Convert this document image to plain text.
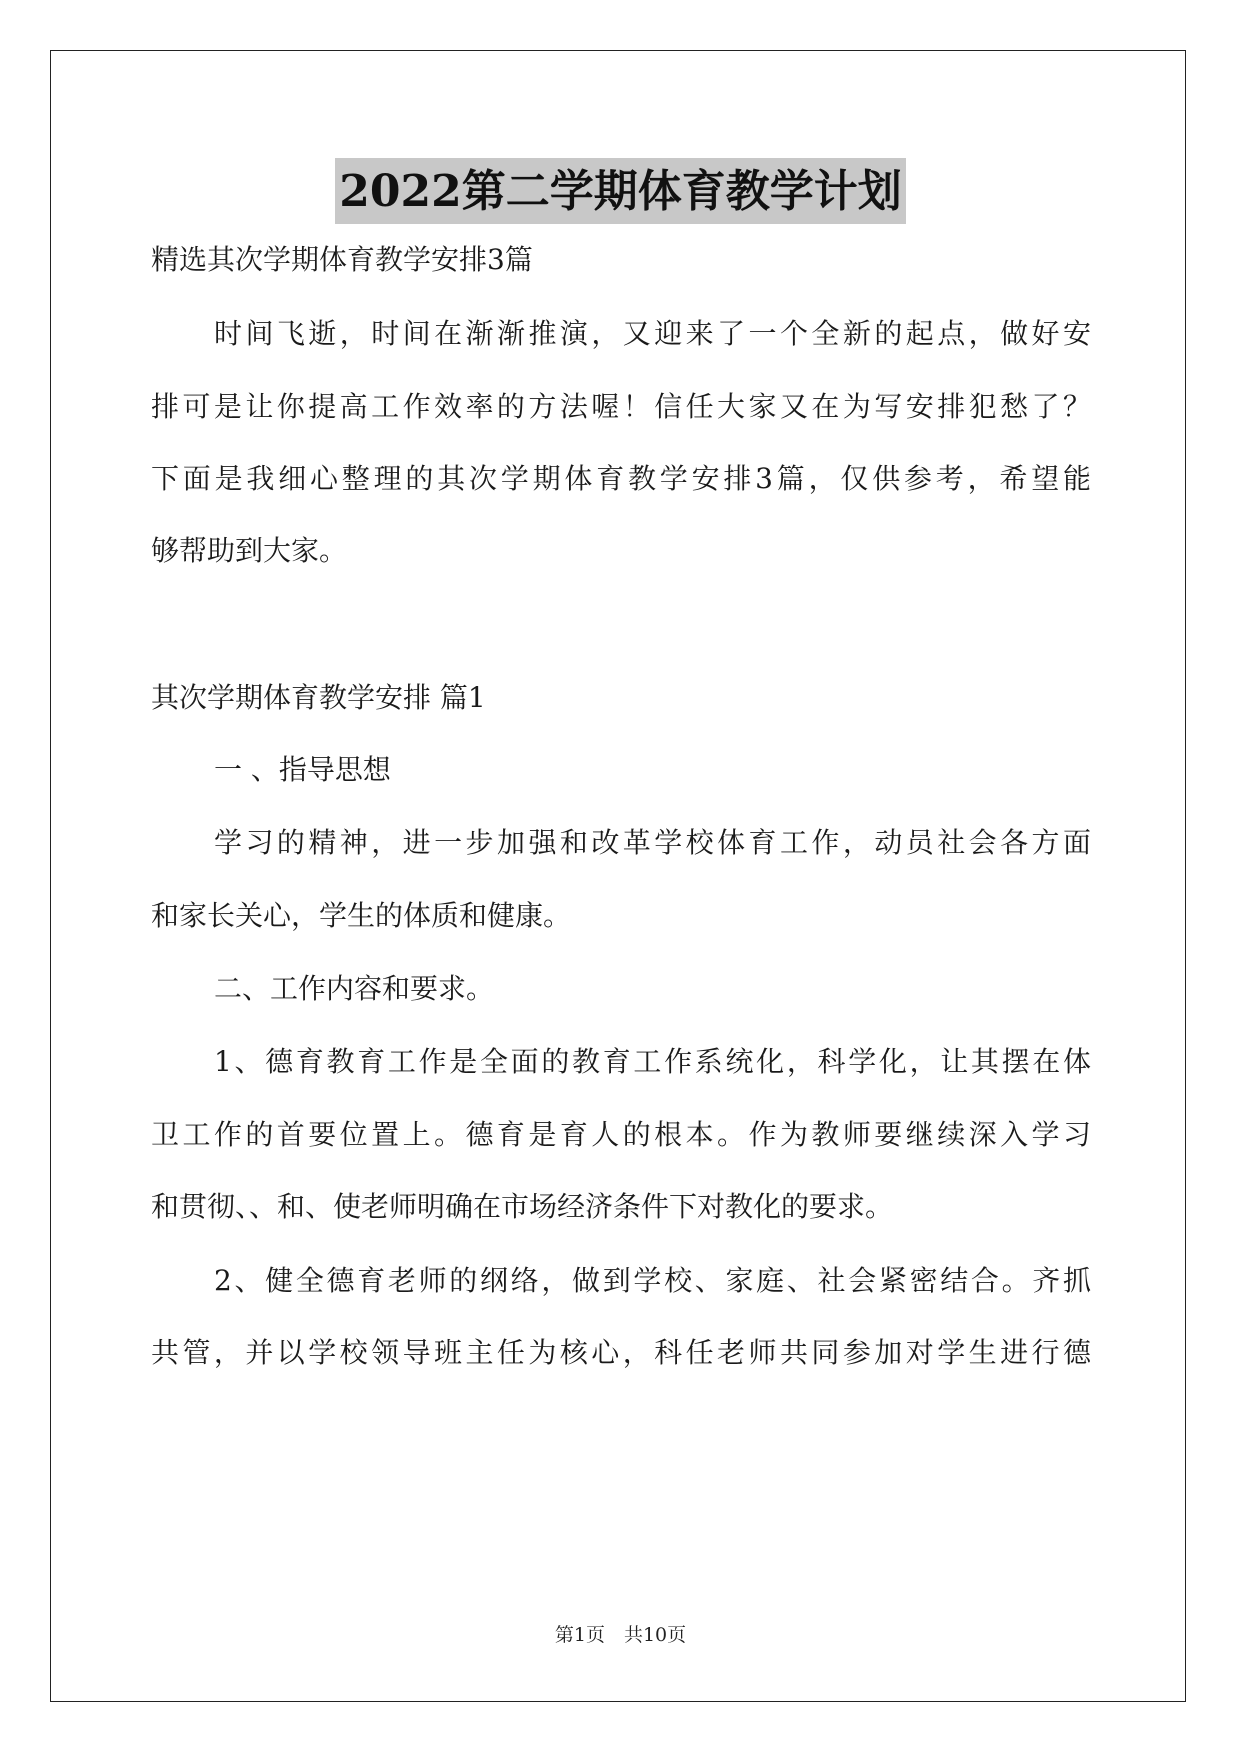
2022第二学期体育教学计划
精选其次学期体育教学安排3篇
时间飞逝，时间在渐渐推演，又迎来了一个全新的起点，做好安
排可是让你提高工作效率的方法喔！信任大家又在为写安排犯愁了？
下面是我细心整理的其次学期体育教学安排3篇，仅供参考，希望能
够帮助到大家。
其次学期体育教学安排 篇1
一 、指导思想
学习的精神，进一步加强和改革学校体育工作，动员社会各方面
和家长关心，学生的体质和健康。
二、工作内容和要求。
1、德育教育工作是全面的教育工作系统化，科学化，让其摆在体
卫工作的首要位置上。德育是育人的根本。作为教师要继续深入学习
和贯彻、、和、使老师明确在市场经济条件下对教化的要求。
2、健全德育老师的纲络，做到学校、家庭、社会紧密结合。齐抓
共管，并以学校领导班主任为核心，科任老师共同参加对学生进行德
第1页　共10页
